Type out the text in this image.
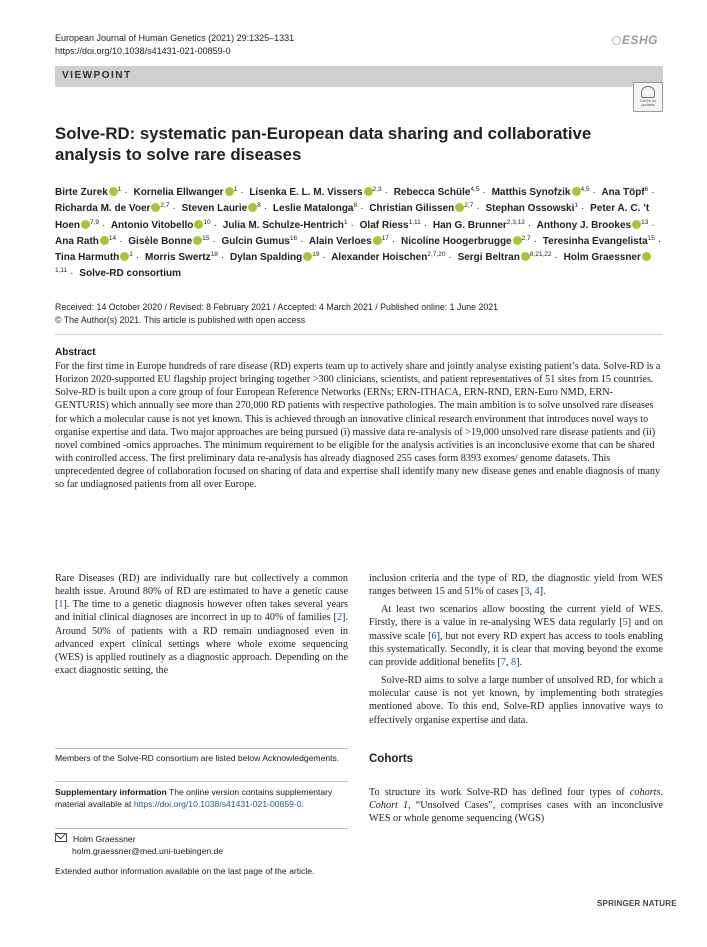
European Journal of Human Genetics (2021) 29:1325–1331
https://doi.org/10.1038/s41431-021-00859-0
ESHG
VIEWPOINT
Check for updates
Solve-RD: systematic pan-European data sharing and collaborative
analysis to solve rare diseases
Birte Zurek $^1$ · Kornelia Ellwanger $^1$ · Lisenka E. L. M. Vissers $^{2,3}$ · Rebecca Schüle$^{4,5}$ · Matthis Synofzik $^{4,5}$ · Ana Töpf$^6$ · Richarda M. de Voer $^{2,7}$ · Steven Laurie $^8$ · Leslie Matalonga$^8$ · Christian Gilissen $^{2,7}$ · Stephan Ossowski$^1$ · Peter A. C. ’t Hoen $^{7,9}$ · Antonio Vitobello $^{10}$ · Julia M. Schulze-Hentrich$^1$ · Olaf Riess$^{1,11}$ · Han G. Brunner$^{2,3,12}$ · Anthony J. Brookes $^{13}$ · Ana Rath $^{14}$ · Gisèle Bonne $^{15}$ · Gulcin Gumus$^{16}$ · Alain Verloes $^{17}$ · Nicoline Hoogerbrugge $^{2,7}$ · Teresinha Evangelista$^{15}$ · Tina Harmuth $^1$ · Morris Swertz$^{18}$ · Dylan Spalding $^{19}$ · Alexander Hoischen$^{2,7,20}$ · Sergi Beltran $^{8,21,22}$ · Holm Graessner$^{1,11}$ · Solve-RD consortium
Received: 14 October 2020 / Revised: 8 February 2021 / Accepted: 4 March 2021 / Published online: 1 June 2021
© The Author(s) 2021. This article is published with open access
Abstract
For the first time in Europe hundreds of rare disease (RD) experts team up to actively share and jointly analyse existing patient’s data. Solve-RD is a Horizon 2020-supported EU flagship project bringing together >300 clinicians, scientists, and patient representatives of 51 sites from 15 countries. Solve-RD is built upon a core group of four European Reference Networks (ERNs; ERN-ITHACA, ERN-RND, ERN-Euro NMD, ERN-GENTURIS) which annually see more than 270,000 RD patients with respective pathologies. The main ambition is to solve unsolved rare diseases for which a molecular cause is not yet known. This is achieved through an innovative clinical research environment that introduces novel ways to organise expertise and data. Two major approaches are being pursued (i) massive data re-analysis of >19,000 unsolved rare disease patients and (ii) novel combined -omics approaches. The minimum requirement to be eligible for the analysis activities is an inconclusive exome that can be shared with controlled access. The first preliminary data re-analysis has already diagnosed 255 cases form 8393 exomes/ genome datasets. This unprecedented degree of collaboration focused on sharing of data and expertise shall identify many new disease genes and enable diagnosis of many so far undiagnosed patients from all over Europe.

Rare Diseases (RD) are individually rare but collectively a common health issue. Around 80% of RD are estimated to have a genetic cause [1]. The time to a genetic diagnosis however often takes several years and initial clinical diagnoses are incorrect in up to 40% of families [2]. Around 50% of patients with a RD remain undiagnosed even in advanced expert clinical settings where whole exome sequencing (WES) is applied routinely as a diagnostic approach. Depending on the exact diagnostic setting, the

inclusion criteria and the type of RD, the diagnostic yield from WES ranges between 15 and 51% of cases [3, 4].

At least two scenarios allow boosting the current yield of WES. Firstly, there is a value in re-analysing WES data regularly [5] and on massive scale [6], but not every RD expert has access to tools enabling this systematically. Secondly, it is clear that moving beyond the exome can provide additional benefits [7, 8].

Solve-RD aims to solve a large number of unsolved RD, for which a molecular cause is not yet known, by implementing both strategies mentioned above. To this end, Solve-RD applies innovative ways to effectively organise expertise and data.

Cohorts

To structure its work Solve-RD has defined four types of cohorts. Cohort 1, “Unsolved Cases”, comprises cases with an inconclusive WES or whole genome sequencing (WGS)

Members of the Solve-RD consortium are listed below Acknowledgements.
Supplementary information The online version contains supplementary material available at https://doi.org/10.1038/s41431-021-00859-0.
Holm Graessner
holm.graessner@med.uni-tuebingen.de
Extended author information available on the last page of the article.
SPRINGER NATURE
